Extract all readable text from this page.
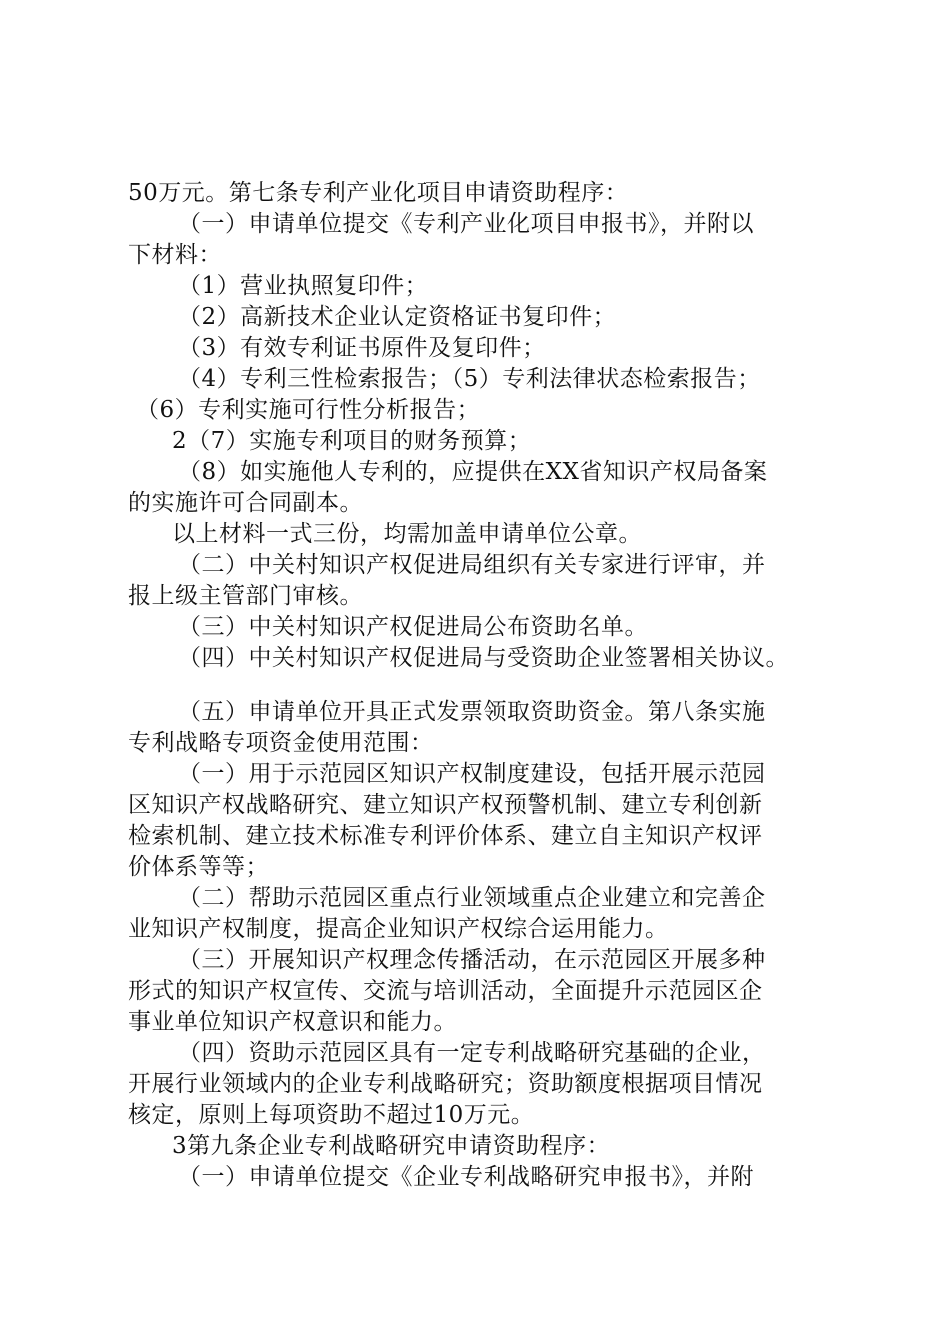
50万元。第七条专利产业化项目申请资助程序：
（一）申请单位提交《专利产业化项目申报书》，并附以
下材料：
（1）营业执照复印件；
（2）高新技术企业认定资格证书复印件；
（3）有效专利证书原件及复印件；
（4）专利三性检索报告；（5）专利法律状态检索报告；
（6）专利实施可行性分析报告；
2（7）实施专利项目的财务预算；
（8）如实施他人专利的，应提供在XX省知识产权局备案
的实施许可合同副本。
以上材料一式三份，均需加盖申请单位公章。
（二）中关村知识产权促进局组织有关专家进行评审，并
报上级主管部门审核。
（三）中关村知识产权促进局公布资助名单。
（四）中关村知识产权促进局与受资助企业签署相关协议。
（五）申请单位开具正式发票领取资助资金。第八条实施
专利战略专项资金使用范围：
（一）用于示范园区知识产权制度建设，包括开展示范园
区知识产权战略研究、建立知识产权预警机制、建立专利创新
检索机制、建立技术标准专利评价体系、建立自主知识产权评
价体系等等；
（二）帮助示范园区重点行业领域重点企业建立和完善企
业知识产权制度，提高企业知识产权综合运用能力。
（三）开展知识产权理念传播活动，在示范园区开展多种
形式的知识产权宣传、交流与培训活动，全面提升示范园区企
事业单位知识产权意识和能力。
（四）资助示范园区具有一定专利战略研究基础的企业，
开展行业领域内的企业专利战略研究；资助额度根据项目情况
核定，原则上每项资助不超过10万元。
3第九条企业专利战略研究申请资助程序：
（一）申请单位提交《企业专利战略研究申报书》，并附
